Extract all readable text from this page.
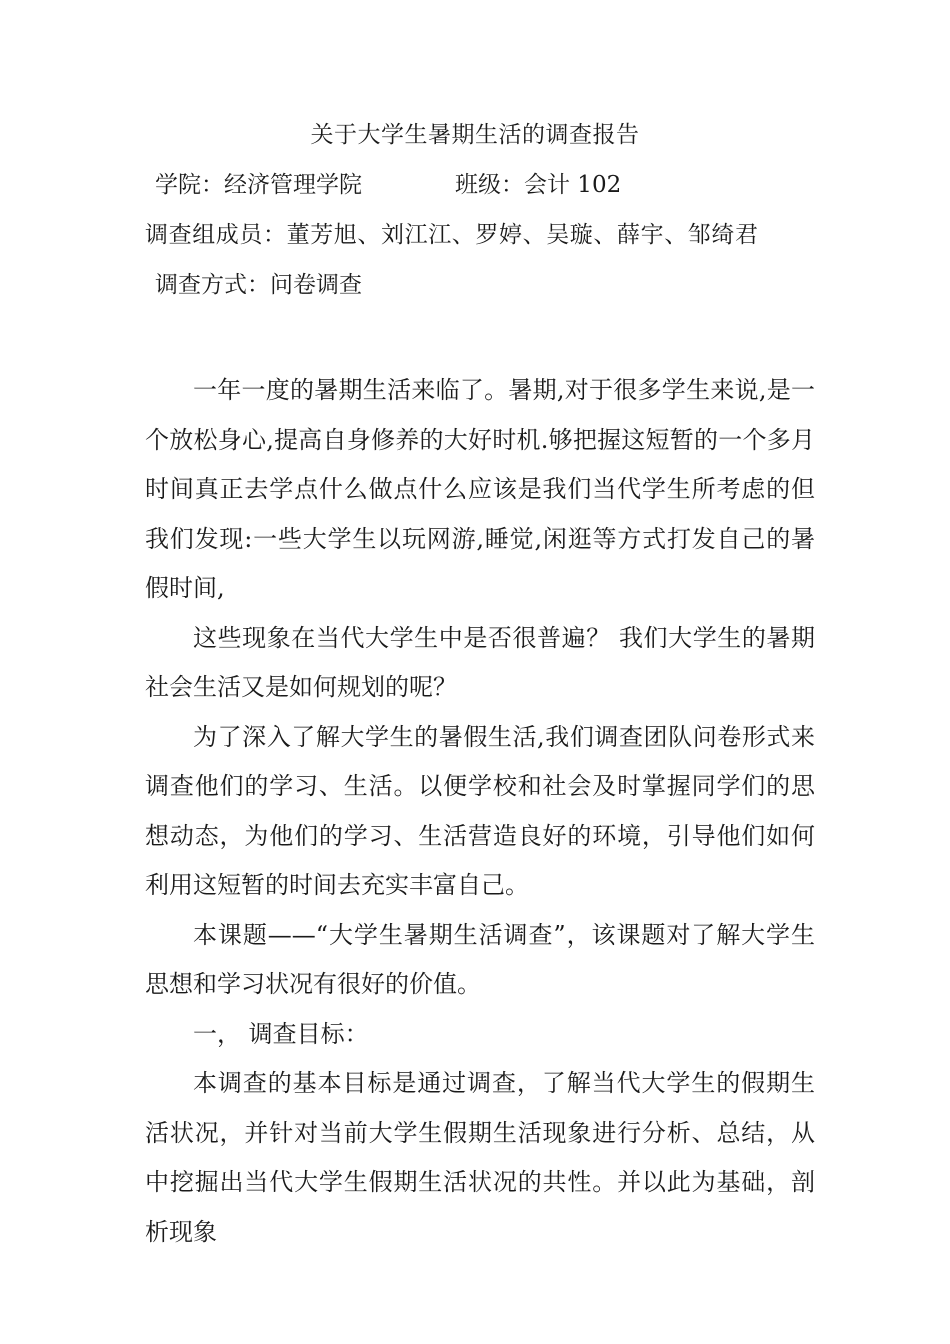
关于大学生暑期生活的调查报告
学院：经济管理学院	班级：会计 102
调查组成员：董芳旭、刘江江、罗婷、吴璇、薛宇、邹绮君
调查方式：问卷调查

一年一度的暑期生活来临了。暑期,对于很多学生来说,是一个放松身心,提高自身修养的大好时机.够把握这短暂的一个多月时间真正去学点什么做点什么应该是我们当代学生所考虑的但我们发现:一些大学生以玩网游,睡觉,闲逛等方式打发自己的暑假时间,

这些现象在当代大学生中是否很普遍？ 我们大学生的暑期社会生活又是如何规划的呢？

为了深入了解大学生的暑假生活,我们调查团队问卷形式来调查他们的学习、生活。以便学校和社会及时掌握同学们的思想动态，为他们的学习、生活营造良好的环境，引导他们如何利用这短暂的时间去充实丰富自己。

本课题——“大学生暑期生活调查”，该课题对了解大学生思想和学习状况有很好的价值。

一， 调查目标：

本调查的基本目标是通过调查，了解当代大学生的假期生活状况，并针对当前大学生假期生活现象进行分析、总结，从中挖掘出当代大学生假期生活状况的共性。并以此为基础，剖析现象
